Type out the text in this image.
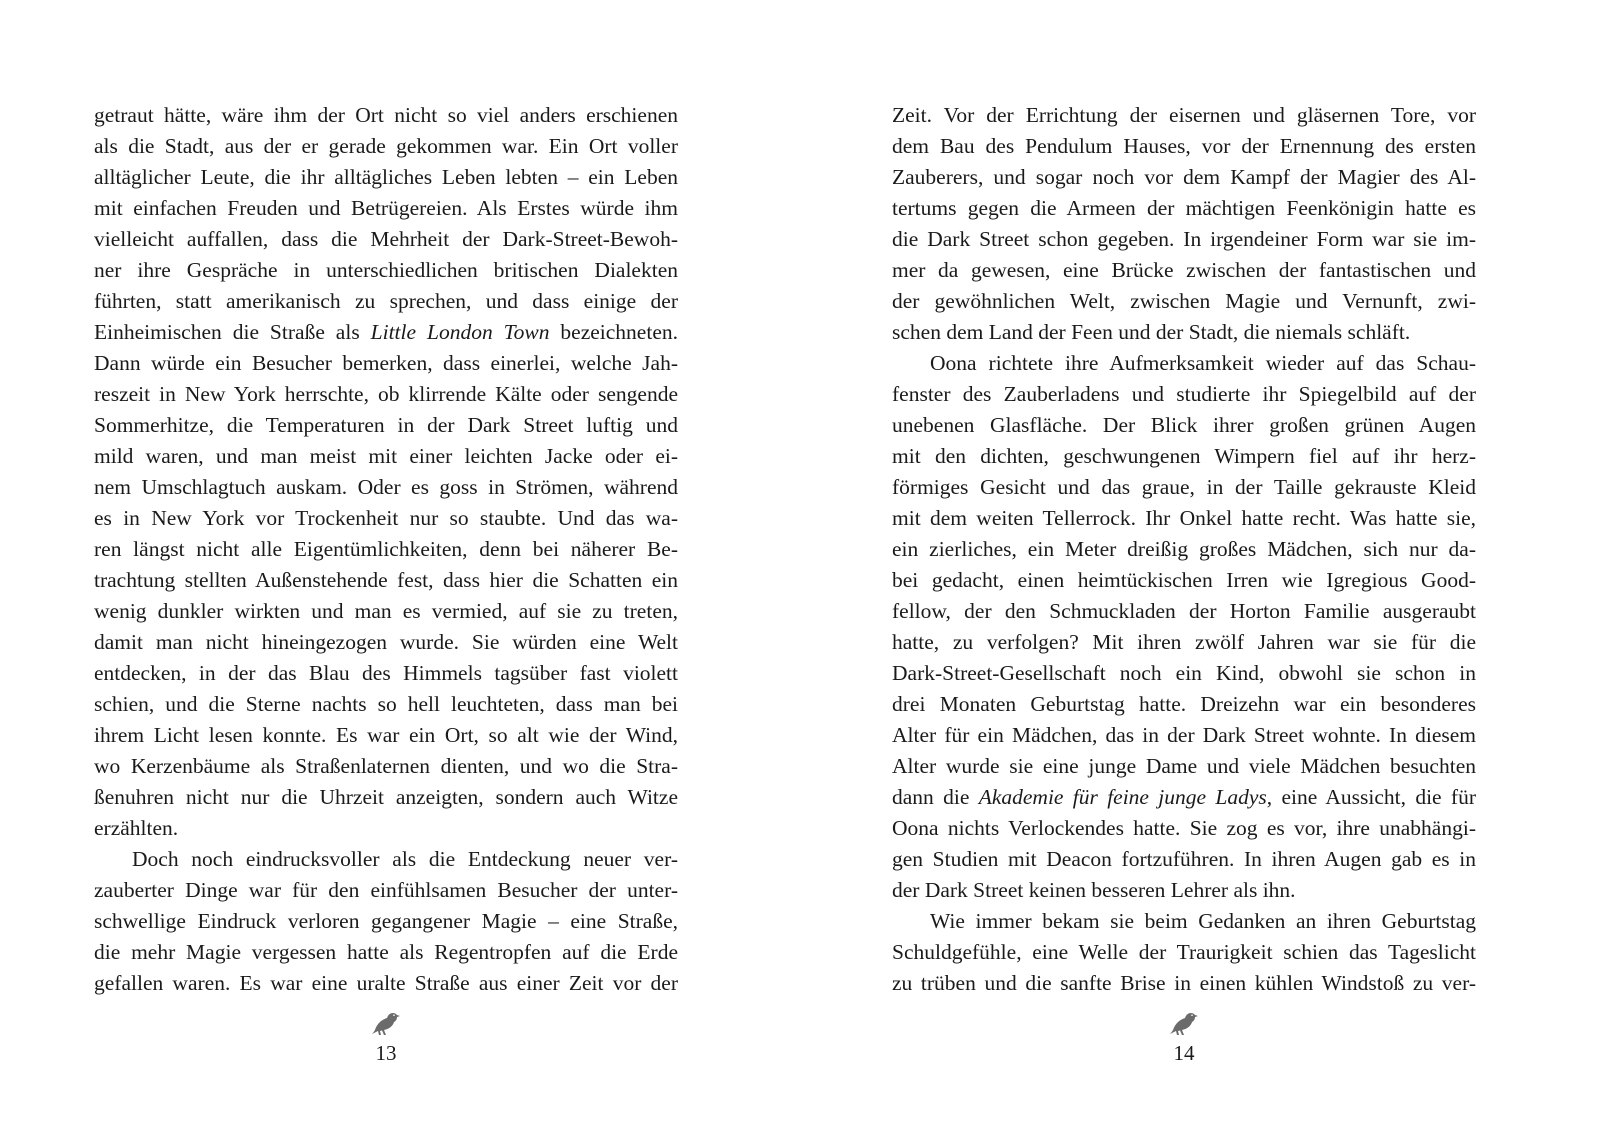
getraut hätte, wäre ihm der Ort nicht so viel anders erschienen
als die Stadt, aus der er gerade gekommen war. Ein Ort voller
alltäglicher Leute, die ihr alltägliches Leben lebten – ein Leben
mit einfachen Freuden und Betrügereien. Als Erstes würde ihm
vielleicht auffallen, dass die Mehrheit der Dark-Street-Bewoh-
ner ihre Gespräche in unterschiedlichen britischen Dialekten
führten, statt amerikanisch zu sprechen, und dass einige der
Einheimischen die Straße als Little London Town bezeichneten.
Dann würde ein Besucher bemerken, dass einerlei, welche Jah-
reszeit in New York herrschte, ob klirrende Kälte oder sengende
Sommerhitze, die Temperaturen in der Dark Street luftig und
mild waren, und man meist mit einer leichten Jacke oder ei-
nem Umschlagtuch auskam. Oder es goss in Strömen, während
es in New York vor Trockenheit nur so staubte. Und das wa-
ren längst nicht alle Eigentümlichkeiten, denn bei näherer Be-
trachtung stellten Außenstehende fest, dass hier die Schatten ein
wenig dunkler wirkten und man es vermied, auf sie zu treten,
damit man nicht hineingezogen wurde. Sie würden eine Welt
entdecken, in der das Blau des Himmels tagsüber fast violett
schien, und die Sterne nachts so hell leuchteten, dass man bei
ihrem Licht lesen konnte. Es war ein Ort, so alt wie der Wind,
wo Kerzenbäume als Straßenlaternen dienten, und wo die Stra-
ßenuhren nicht nur die Uhrzeit anzeigten, sondern auch Witze
erzählten.
Doch noch eindrucksvoller als die Entdeckung neuer ver-
zauberter Dinge war für den einfühlsamen Besucher der unter-
schwellige Eindruck verloren gegangener Magie – eine Straße,
die mehr Magie vergessen hatte als Regentropfen auf die Erde
gefallen waren. Es war eine uralte Straße aus einer Zeit vor der
Zeit. Vor der Errichtung der eisernen und gläsernen Tore, vor
dem Bau des Pendulum Hauses, vor der Ernennung des ersten
Zauberers, und sogar noch vor dem Kampf der Magier des Al-
tertums gegen die Armeen der mächtigen Feenkönigin hatte es
die Dark Street schon gegeben. In irgendeiner Form war sie im-
mer da gewesen, eine Brücke zwischen der fantastischen und
der gewöhnlichen Welt, zwischen Magie und Vernunft, zwi-
schen dem Land der Feen und der Stadt, die niemals schläft.
Oona richtete ihre Aufmerksamkeit wieder auf das Schau-
fenster des Zauberladens und studierte ihr Spiegelbild auf der
unebenen Glasfläche. Der Blick ihrer großen grünen Augen
mit den dichten, geschwungenen Wimpern fiel auf ihr herz-
förmiges Gesicht und das graue, in der Taille gekrauste Kleid
mit dem weiten Tellerrock. Ihr Onkel hatte recht. Was hatte sie,
ein zierliches, ein Meter dreißig großes Mädchen, sich nur da-
bei gedacht, einen heimtückischen Irren wie Igregious Good-
fellow, der den Schmuckladen der Horton Familie ausgeraubt
hatte, zu verfolgen? Mit ihren zwölf Jahren war sie für die
Dark-Street-Gesellschaft noch ein Kind, obwohl sie schon in
drei Monaten Geburtstag hatte. Dreizehn war ein besonderes
Alter für ein Mädchen, das in der Dark Street wohnte. In diesem
Alter wurde sie eine junge Dame und viele Mädchen besuchten
dann die Akademie für feine junge Ladys, eine Aussicht, die für
Oona nichts Verlockendes hatte. Sie zog es vor, ihre unabhängi-
gen Studien mit Deacon fortzuführen. In ihren Augen gab es in
der Dark Street keinen besseren Lehrer als ihn.
Wie immer bekam sie beim Gedanken an ihren Geburtstag
Schuldgefühle, eine Welle der Traurigkeit schien das Tageslicht
zu trüben und die sanfte Brise in einen kühlen Windstoß zu ver-
13	14
